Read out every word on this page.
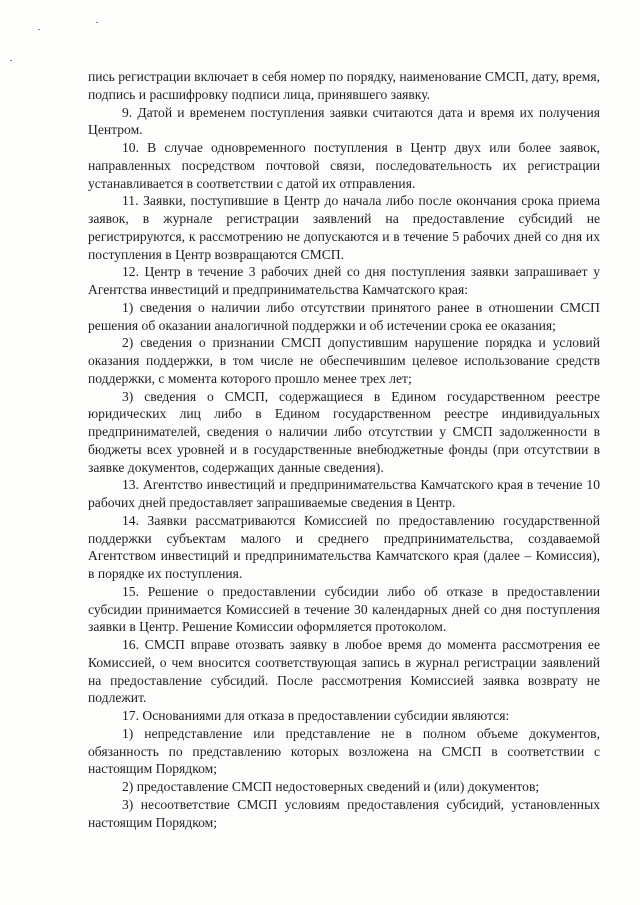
пись регистрации включает в себя номер по порядку, наименование СМСП, дату, время, подпись и расшифровку подписи лица, принявшего заявку.

9. Датой и временем поступления заявки считаются дата и время их получения Центром.

10. В случае одновременного поступления в Центр двух или более заявок, направленных посредством почтовой связи, последовательность их регистрации устанавливается в соответствии с датой их отправления.

11. Заявки, поступившие в Центр до начала либо после окончания срока приема заявок, в журнале регистрации заявлений на предоставление субсидий не регистрируются, к рассмотрению не допускаются и в течение 5 рабочих дней со дня их поступления в Центр возвращаются СМСП.

12. Центр в течение 3 рабочих дней со дня поступления заявки запрашивает у Агентства инвестиций и предпринимательства Камчатского края:

1) сведения о наличии либо отсутствии принятого ранее в отношении СМСП решения об оказании аналогичной поддержки и об истечении срока ее оказания;

2) сведения о признании СМСП допустившим нарушение порядка и условий оказания поддержки, в том числе не обеспечившим целевое использование средств поддержки, с момента которого прошло менее трех лет;

3) сведения о СМСП, содержащиеся в Едином государственном реестре юридических лиц либо в Едином государственном реестре индивидуальных предпринимателей, сведения о наличии либо отсутствии у СМСП задолженности в бюджеты всех уровней и в государственные внебюджетные фонды (при отсутствии в заявке документов, содержащих данные сведения).

13. Агентство инвестиций и предпринимательства Камчатского края в течение 10 рабочих дней предоставляет запрашиваемые сведения в Центр.

14. Заявки рассматриваются Комиссией по предоставлению государственной поддержки субъектам малого и среднего предпринимательства, создаваемой Агентством инвестиций и предпринимательства Камчатского края (далее – Комиссия), в порядке их поступления.

15. Решение о предоставлении субсидии либо об отказе в предоставлении субсидии принимается Комиссией в течение 30 календарных дней со дня поступления заявки в Центр. Решение Комиссии оформляется протоколом.

16. СМСП вправе отозвать заявку в любое время до момента рассмотрения ее Комиссией, о чем вносится соответствующая запись в журнал регистрации заявлений на предоставление субсидий. После рассмотрения Комиссией заявка возврату не подлежит.

17. Основаниями для отказа в предоставлении субсидии являются:

1) непредставление или представление не в полном объеме документов, обязанность по представлению которых возложена на СМСП в соответствии с настоящим Порядком;

2) предоставление СМСП недостоверных сведений и (или) документов;

3) несоответствие СМСП условиям предоставления субсидий, установленных настоящим Порядком;
